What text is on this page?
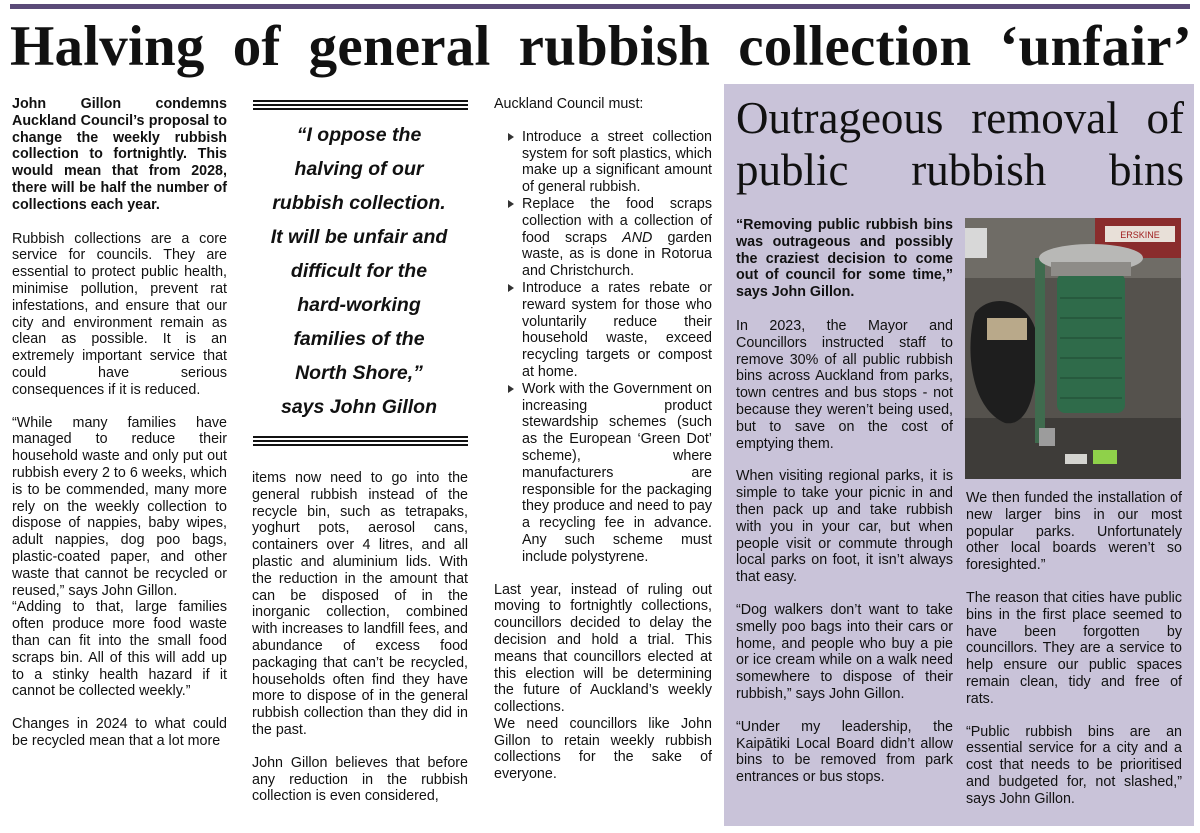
Halving of general rubbish collection ‘unfair’

John Gillon condemns Auckland Council’s proposal to change the weekly rubbish collection to fortnightly. This would mean that from 2028, there will be half the number of collections each year.

Rubbish collections are a core service for councils. They are essential to protect public health, minimise pollution, prevent rat infestations, and ensure that our city and environment remain as clean as possible. It is an extremely important service that could have serious consequences if it is reduced.

“While many families have managed to reduce their household waste and only put out rubbish every 2 to 6 weeks, which is to be commended, many more rely on the weekly collection to dispose of nappies, baby wipes, adult nappies, dog poo bags, plastic-coated paper, and other waste that cannot be recycled or reused,” says John Gillon.

“Adding to that, large families often produce more food waste than can fit into the small food scraps bin. All of this will add up to a stinky health hazard if it cannot be collected weekly.”

Changes in 2024 to what could be recycled mean that a lot more

“I oppose the
halving of our
rubbish collection.
It will be unfair and
difficult for the
hard-working
families of the
North Shore,”
says John Gillon

items now need to go into the general rubbish instead of the recycle bin, such as tetrapaks, yoghurt pots, aerosol cans, containers over 4 litres, and all plastic and aluminium lids. With the reduction in the amount that can be disposed of in the inorganic collection, combined with increases to landfill fees, and abundance of excess food packaging that can’t be recycled, households often find they have more to dispose of in the general rubbish collection than they did in the past.

John Gillon believes that before any reduction in the rubbish collection is even considered,

Auckland Council must:

Introduce a street collection system for soft plastics, which make up a significant amount of general rubbish.
Replace the food scraps collection with a collection of food scraps AND garden waste, as is done in Rotorua and Christchurch.
Introduce a rates rebate or reward system for those who voluntarily reduce their household waste, exceed recycling targets or compost at home.
Work with the Government on increasing product stewardship schemes (such as the European ‘Green Dot’ scheme), where manufacturers are responsible for the packaging they produce and need to pay a recycling fee in advance. Any such scheme must include polystyrene.

Last year, instead of ruling out moving to fortnightly collections, councillors decided to delay the decision and hold a trial. This means that councillors elected at this election will be determining the future of Auckland’s weekly collections.

We need councillors like John Gillon to retain weekly rubbish collections for the sake of everyone.

Outrageous removal of public rubbish bins
ERSKINE

“Removing public rubbish bins was outrageous and possibly the craziest decision to come out of council for some time,” says John Gillon.

In 2023, the Mayor and Councillors instructed staff to remove 30% of all public rubbish bins across Auckland from parks, town centres and bus stops - not because they weren’t being used, but to save on the cost of emptying them.

When visiting regional parks, it is simple to take your picnic in and then pack up and take rubbish with you in your car, but when people visit or commute through local parks on foot, it isn’t always that easy.

“Dog walkers don’t want to take smelly poo bags into their cars or home, and people who buy a pie or ice cream while on a walk need somewhere to dispose of their rubbish,” says John Gillon.

“Under my leadership, the Kaipātiki Local Board didn’t allow bins to be removed from park entrances or bus stops.

We then funded the installation of new larger bins in our most popular parks. Unfortunately other local boards weren’t so foresighted.”

The reason that cities have public bins in the first place seemed to have been forgotten by councillors. They are a service to help ensure our public spaces remain clean, tidy and free of rats.

“Public rubbish bins are an essential service for a city and a cost that needs to be prioritised and budgeted for, not slashed,” says John Gillon.
